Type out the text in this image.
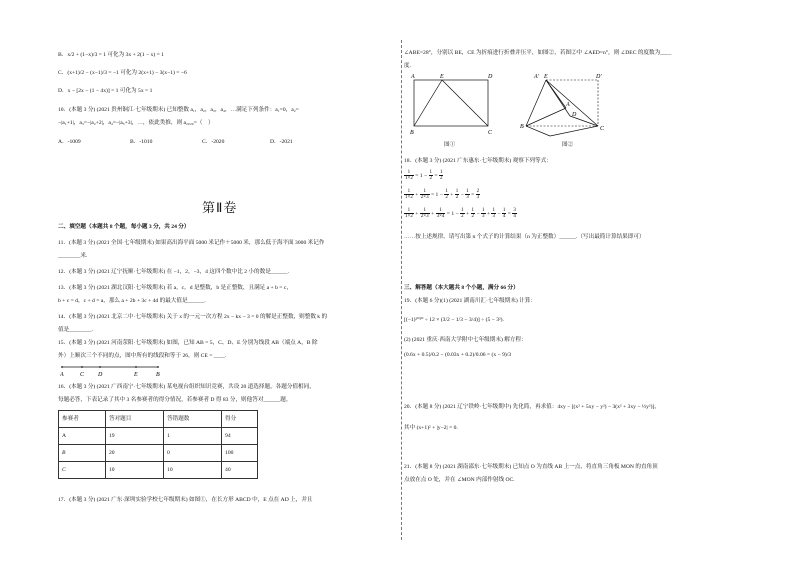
B．x/2 + (1−x)/3 = 1 可化为 3x + 2(1 − x) = 1
C．(x+1)/2 − (x−1)/3 = −1 可化为 2(x+1) − 3(x−1) = −6
D．x − [2x − (1 − 4x)] = 1 可化为 5x = 1
10．(本题 3 分) (2021 贵州铜江·七年级期末) 已知整数 a₁，a₂，a₃，a₄，…满足下列条件：a₁=0，a₂=
−|a₁+1|，a₃=−|a₂+2|，a₄=−|a₃+3|，…，依此类推，则 a₂₀₂₀=（　）
A．-1009	B．-1010	C．-2020	D．-2021
第Ⅱ卷
二、填空题（本题共 8 个题，每小题 3 分，共 24 分）
11．(本题 3 分) (2021 全国·七年级期末) 如果高出海平面 5000 米记作＋5000 米，那么低于海平面 3000 米记作
________米.
12．(本题 3 分) (2021 辽宁抚顺·七年级期末) 在 −1，2，−3，4 这四个数中比 2 小的数是______.
13．(本题 3 分) (2021 湖北汉阳·七年级期末) 若 a，c，d 是整数，b 是正整数，且满足 a + b = c，
b + c = d，c + d = a，那么 a + 2b + 3c + 4d 的最大值是______.
14．(本题 3 分) (2021 北京二中·七年级期末) 关于 x 的一元一次方程 2x − kx − 3 = 0 的解是正整数，则整数 k 的
值是________.
15．(本题 3 分) (2021 河南荥阳·七年级期末) 如图，已知 AB = 5，C、D、E 分别为线段 AB（端点 A，B 除
外）上顺次三个不同的点，图中所有的线段和等于 26，则 CE = ____.
A	C D	E	B
16．(本题 3 分) (2021 广西南宁·七年级期末) 某电视台组织知识竞赛，共设 20 道选择题，各题分值相同，
每题必答，下表记录了其中 3 名参赛者的得分情况，若参赛者 D 得 83 分，则他答对______题。
参赛者	答对题目	答错题数	得分
A	19	1	94
B	20	0	100
C	10	10	40
17．(本题 3 分) (2021 广东·深圳实验学校七年级期末) 如图①，在长方形 ABCD 中，E 点在 AD 上，并且
∠ABE=28°，分别以 BE，CE 为折痕进行折叠并压平，如图②，若图②中 ∠AED=n°，则 ∠DEC 的度数为____
度.
A	E	D
B	C
图①
A' E	D'
A
D
B	C
图②
18．(本题 3 分) (2021 广东惠东·七年级期末) 观察下列等式：
$\frac{1}{1\times 2} = 1 - \frac{1}{2} = \frac{1}{2}$
$\frac{1}{1\times 2} + \frac{1}{2\times 3} = 1 - \frac{1}{2} + \frac{1}{2} - \frac{1}{3} = \frac{2}{3}$
$\frac{1}{1\times 2} + \frac{1}{2\times 3} + \frac{1}{3\times 4} = 1 - \frac{1}{2} + \frac{1}{2} - \frac{1}{3} + \frac{1}{3} - \frac{1}{4} = \frac{3}{4}$
……按上述规律，请写出第 n 个式子的计算结果（n 为正整数）______.（写出最简计算结果即可）
三、解答题（本大题共 8 个小题，满分 66 分）
19．(本题 6 分)(1) (2021 湖南川汇·七年级期末) 计算：
[(−1)²⁰²⁰ ÷ 12 × (3/2 − 1/3 − 3/4)] ÷ (5 − 3²).
(2) (2021 重庆·西南大学附中七年级期末) 解方程：
(0.6x + 0.5)/0.2 − (0.03x + 0.2)/0.06 = (x − 9)/3
20．(本题 8 分) (2021 辽宁铁岭·七年级期中) 先化简，再求值：4xy − [(x² + 5xy − y²) − 3(x² + 3xy − ½y²)]，
其中 (x+1)² + |y−2| = 0.
21．(本题 8 分) (2021 湖南邵东·七年级期末) 已知点 O 为直线 AB 上一点，将直角三角板 MON 的直角顶
点放在点 O 处，并在 ∠MON 内部作射线 OC.
